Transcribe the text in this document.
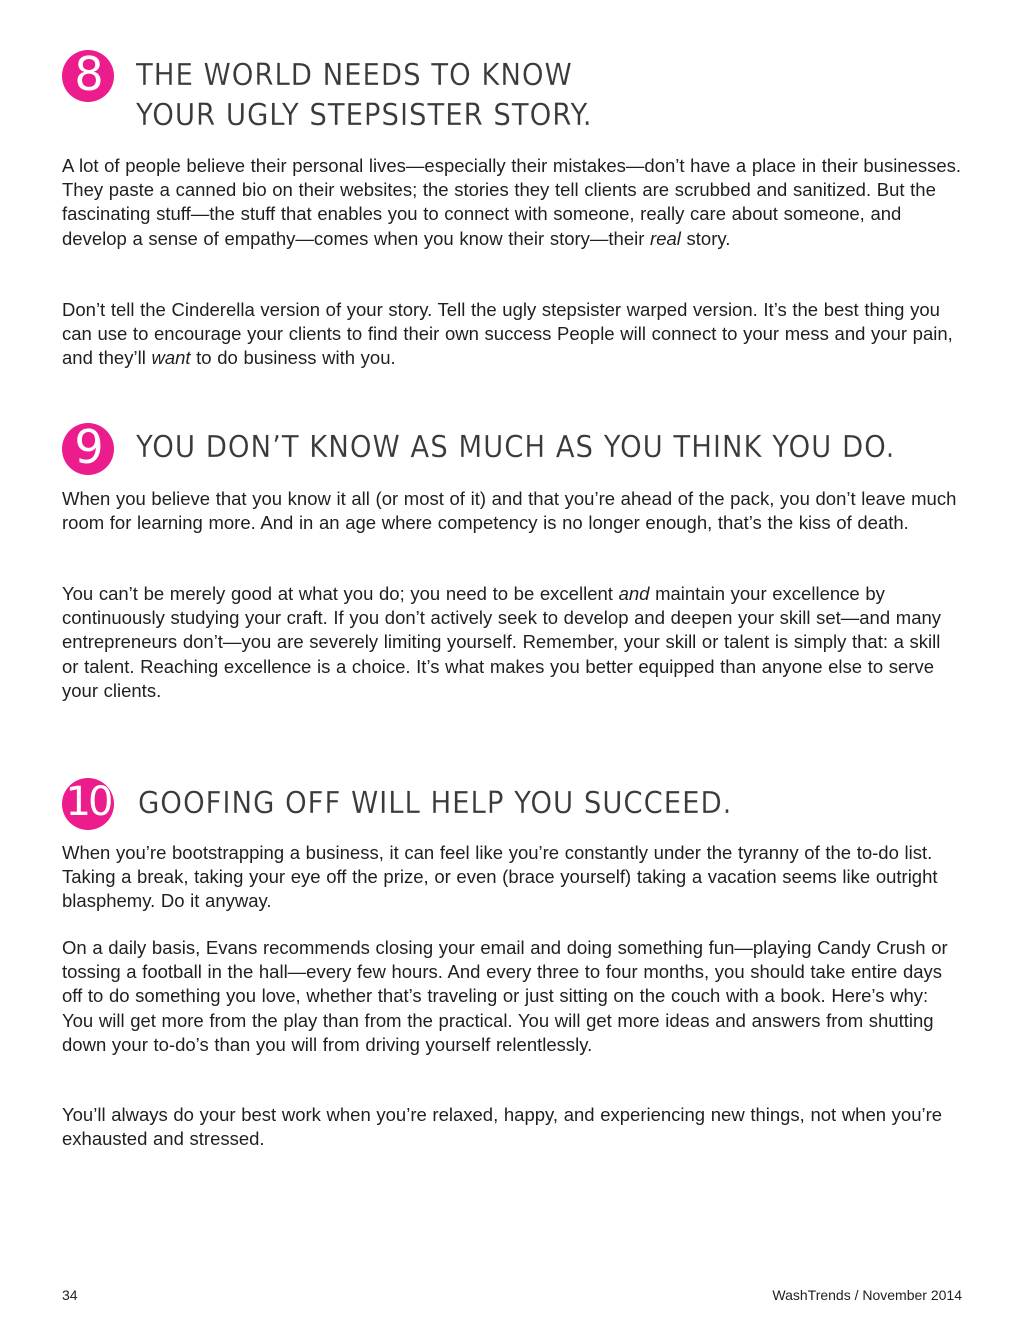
8 THE WORLD NEEDS TO KNOW
YOUR UGLY STEPSISTER STORY.

A lot of people believe their personal lives—especially their mistakes—don’t have a place in their businesses. They paste a canned bio on their websites; the stories they tell clients are scrubbed and sanitized. But the fascinating stuff—the stuff that enables you to connect with someone, really care about someone, and develop a sense of empathy—comes when you know their story—their real story.

Don’t tell the Cinderella version of your story. Tell the ugly stepsister warped version. It’s the best thing you can use to encourage your clients to find their own success People will connect to your mess and your pain, and they’ll want to do business with you.

9 YOU DON’T KNOW AS MUCH AS YOU THINK YOU DO.

When you believe that you know it all (or most of it) and that you’re ahead of the pack, you don’t leave much room for learning more. And in an age where competency is no longer enough, that’s the kiss of death.

You can’t be merely good at what you do; you need to be excellent and maintain your excellence by continuously studying your craft. If you don’t actively seek to develop and deepen your skill set—and many entrepreneurs don’t—you are severely limiting yourself. Remember, your skill or talent is simply that: a skill or talent. Reaching excellence is a choice. It’s what makes you better equipped than anyone else to serve your clients.

10 GOOFING OFF WILL HELP YOU SUCCEED.

When you’re bootstrapping a business, it can feel like you’re constantly under the tyranny of the to-do list. Taking a break, taking your eye off the prize, or even (brace yourself) taking a vacation seems like outright blasphemy. Do it anyway.

On a daily basis, Evans recommends closing your email and doing something fun—playing Candy Crush or tossing a football in the hall—every few hours. And every three to four months, you should take entire days off to do something you love, whether that’s traveling or just sitting on the couch with a book. Here’s why: You will get more from the play than from the practical. You will get more ideas and answers from shutting down your to-do’s than you will from driving yourself relentlessly.

You’ll always do your best work when you’re relaxed, happy, and experiencing new things, not when you’re exhausted and stressed.

34	WashTrends / November 2014
